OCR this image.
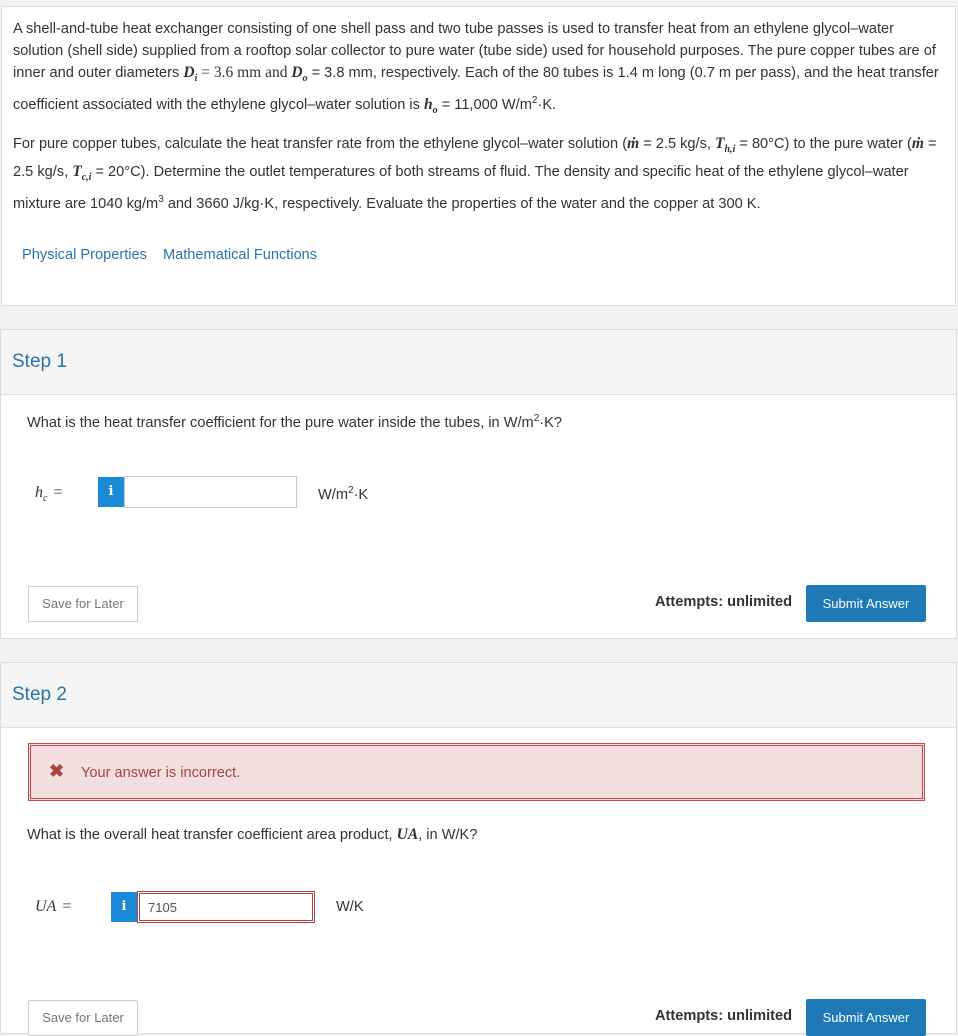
A shell-and-tube heat exchanger consisting of one shell pass and two tube passes is used to transfer heat from an ethylene glycol–water solution (shell side) supplied from a rooftop solar collector to pure water (tube side) used for household purposes. The pure copper tubes are of inner and outer diameters $D_i = 3.6$ mm and $D_o = 3.8$ mm, respectively. Each of the 80 tubes is 1.4 m long (0.7 m per pass), and the heat transfer coefficient associated with the ethylene glycol–water solution is $h_o = 11,000$ $W/m^2\cdot K$.

For pure copper tubes, calculate the heat transfer rate from the ethylene glycol–water solution (ṁ = 2.5 kg/s, $T_{h,i} = 80^\circ C$) to the pure water (ṁ = 2.5 kg/s, $T_{c,i} = 20^\circ C$). Determine the outlet temperatures of both streams of fluid. The density and specific heat of the ethylene glycol–water mixture are 1040 $kg/m^3$ and 3660 J/kg·K, respectively. Evaluate the properties of the water and the copper at 300 K.

Physical Properties Mathematical Functions
Step 1
What is the heat transfer coefficient for the pure water inside the tubes, in $W/m^2\cdot K$?
$h_c$ =	i	$W/m^2\cdot K$
Save for Later	Attempts: unlimited	Submit Answer
Step 2
✖ Your answer is incorrect.
What is the overall heat transfer coefficient area product, UA, in W/K?
UA =	i
7105	W/K
Save for Later	Attempts: unlimited	Submit Answer
